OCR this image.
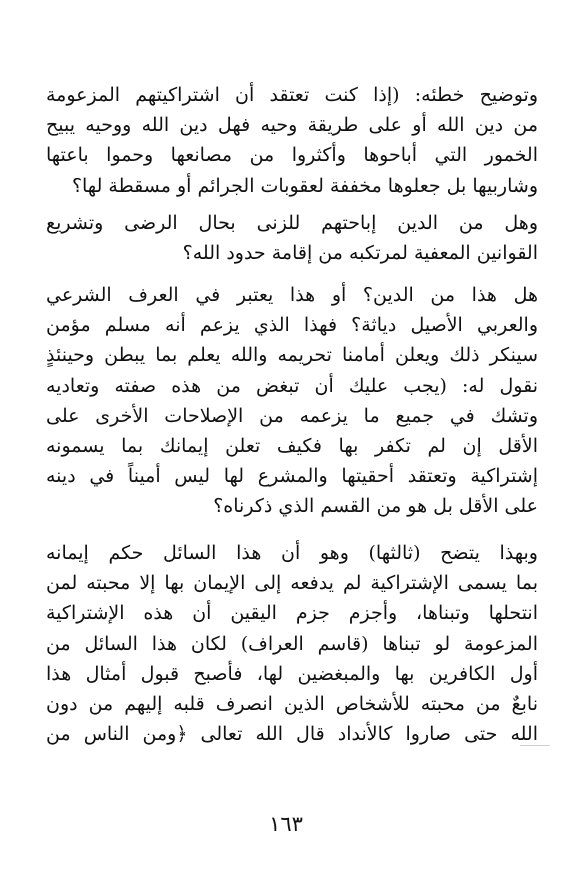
وتوضيح خطئه: (إذا كنت تعتقد أن اشتراكيتهم المزعومة
من دين الله أو على طريقة وحيه فهل دين الله ووحيه يبيح
الخمور التي أباحوها وأكثروا من مصانعها وحموا باعتها
وشاربيها بل جعلوها مخففة لعقوبات الجرائم أو مسقطة لها؟
وهل من الدين إباحتهم للزنى بحال الرضى وتشريع
القوانين المعفية لمرتكبه من إقامة حدود الله؟
هل هذا من الدين؟ أو هذا يعتبر في العرف الشرعي
والعربي الأصيل دياثة؟ فهذا الذي يزعم أنه مسلم مؤمن
سينكر ذلك ويعلن أمامنا تحريمه والله يعلم بما يبطن وحينئذٍ
نقول له: (يجب عليك أن تبغض من هذه صفته وتعاديه
وتشك في جميع ما يزعمه من الإصلاحات الأخرى على
الأقل إن لم تكفر بها فكيف تعلن إيمانك بما يسمونه
إشتراكية وتعتقد أحقيتها والمشرع لها ليس أميناً في دينه
على الأقل بل هو من القسم الذي ذكرناه؟
وبهذا يتضح (ثالثها) وهو أن هذا السائل حكم إيمانه
بما يسمى الإشتراكية لم يدفعه إلى الإيمان بها إلا محبته لمن
انتحلها وتبناها، وأجزم جزم اليقين أن هذه الإشتراكية
المزعومة لو تبناها (قاسم العراف) لكان هذا السائل من
أول الكافرين بها والمبغضين لها، فأصبح قبول أمثال هذا
نابعٌ من محبته للأشخاص الذين انصرف قلبه إليهم من دون
الله حتى صاروا كالأنداد قال الله تعالى ﴿ومن الناس من
١٦٣
